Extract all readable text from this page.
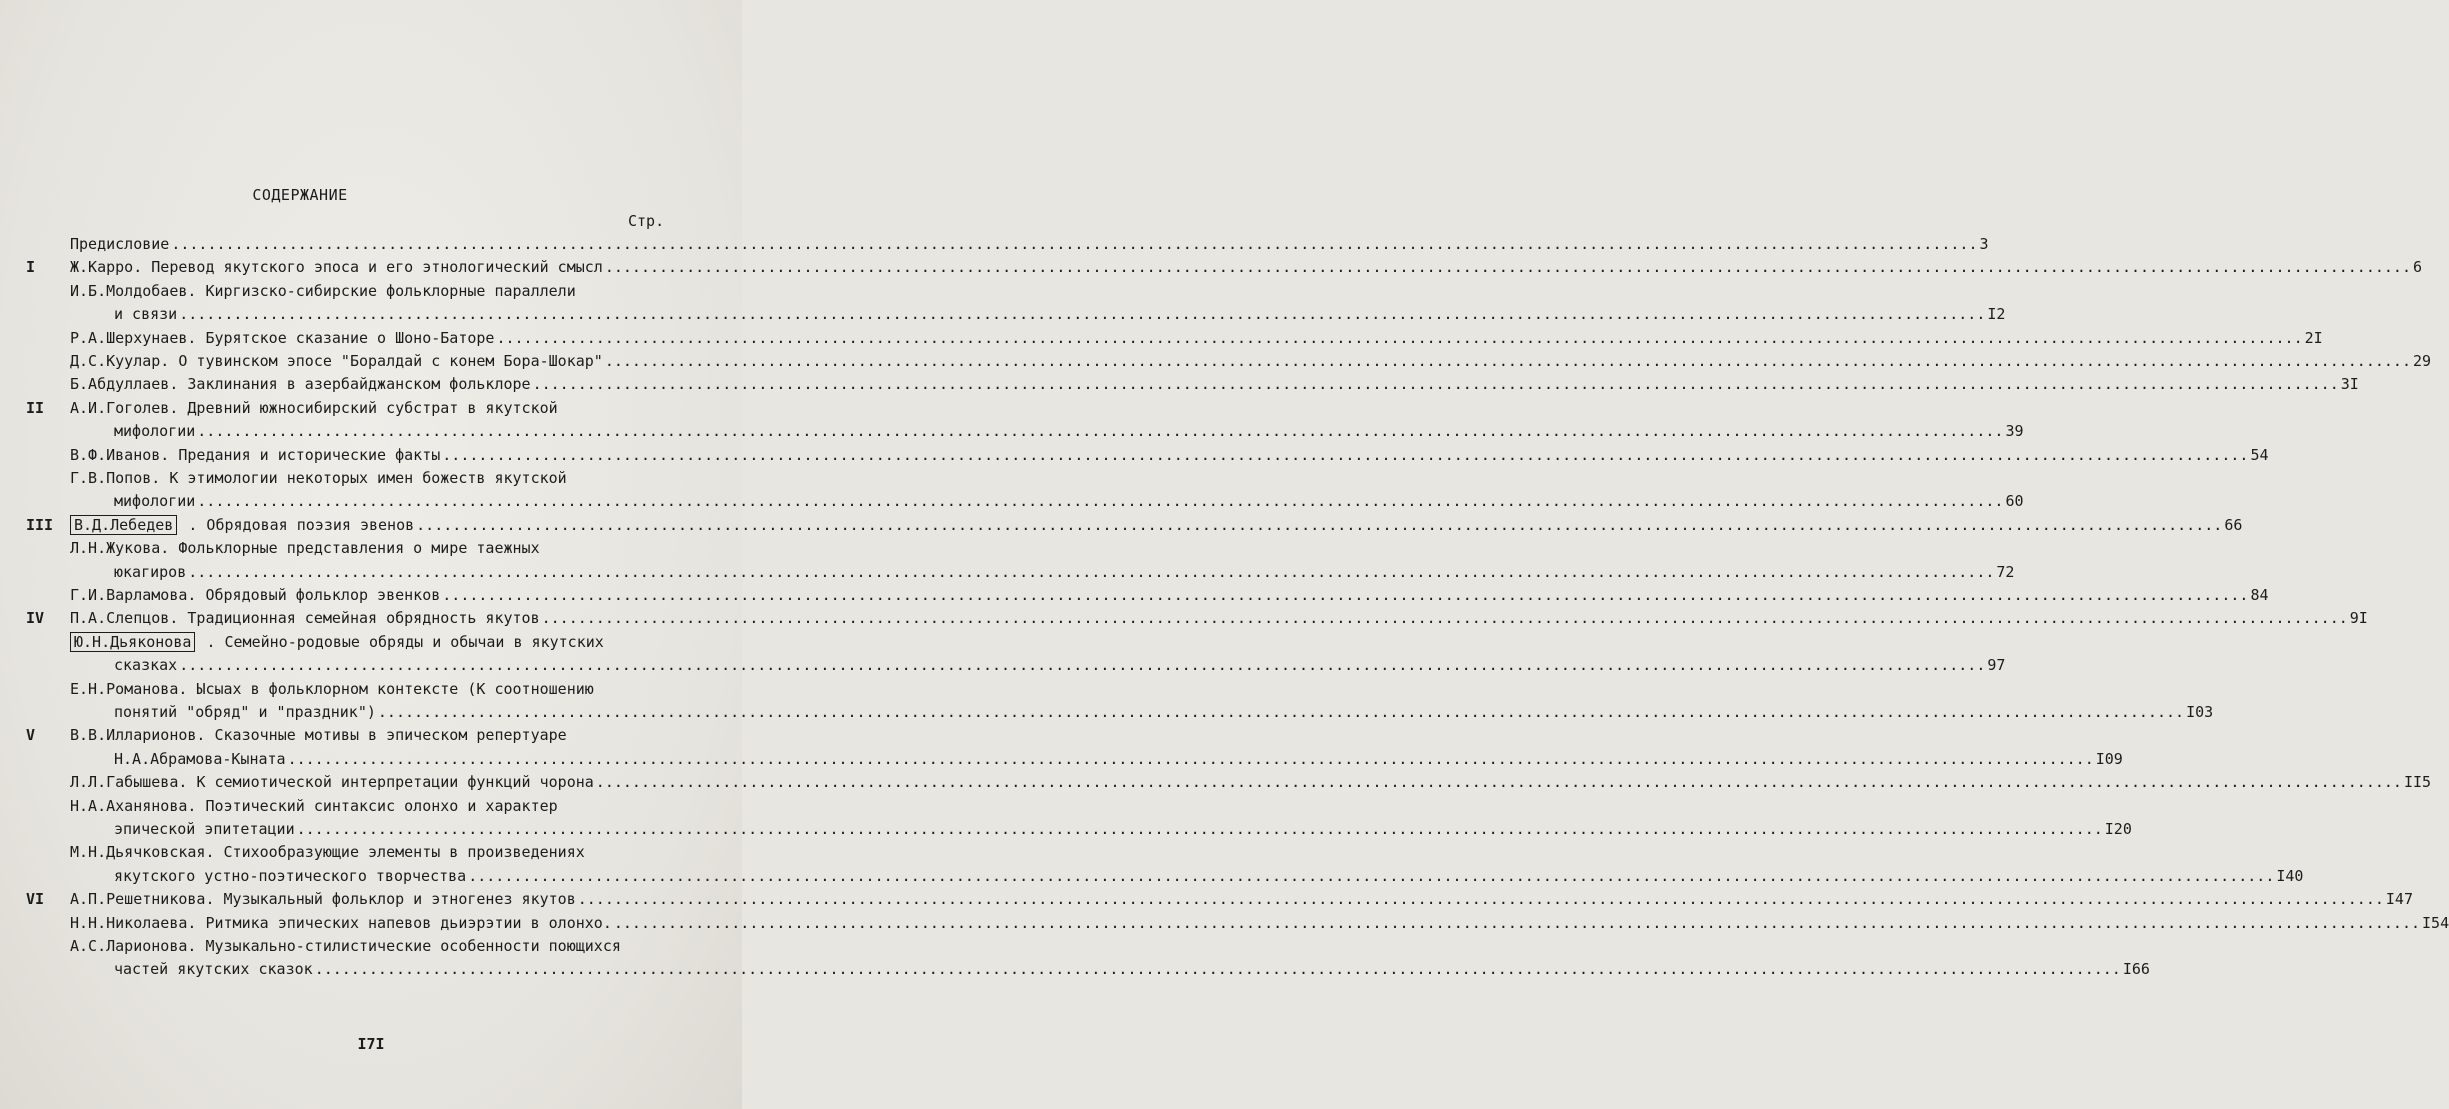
СОДЕРЖАНИЕ
Стр.
Предисловие ........................................................................................................................................................................................................ 3
I Ж.Карро. Перевод якутского эпоса и его этнологический смысл ........................................................................................................................................................................................................ 6
И.Б.Молдобаев. Киргизско-сибирские фольклорные параллели
и связи ........................................................................................................................................................................................................ I2
Р.А.Шерхунаев. Бурятское сказание о Шоно-Баторе ........................................................................................................................................................................................................ 2I
Д.С.Куулар. О тувинском эпосе "Боралдай с конем Бора-Шокар" ........................................................................................................................................................................................................ 29
Б.Абдуллаев. Заклинания в азербайджанском фольклоре ........................................................................................................................................................................................................ 3I
II А.И.Гоголев. Древний южносибирский субстрат в якутской
мифологии ........................................................................................................................................................................................................ 39
В.Ф.Иванов. Предания и исторические факты ........................................................................................................................................................................................................ 54
Г.В.Попов. К этимологии некоторых имен божеств якутской
мифологии ........................................................................................................................................................................................................ 60
III В.Д.Лебедев . Обрядовая поэзия эвенов ........................................................................................................................................................................................................ 66
Л.Н.Жукова. Фольклорные представления о мире таежных
юкагиров ........................................................................................................................................................................................................ 72
Г.И.Варламова. Обрядовый фольклор эвенков ........................................................................................................................................................................................................ 84
IV П.А.Слепцов. Традиционная семейная обрядность якутов ........................................................................................................................................................................................................ 9I
Ю.Н.Дьяконова . Семейно-родовые обряды и обычаи в якутских
сказках ........................................................................................................................................................................................................ 97
Е.Н.Романова. Ысыах в фольклорном контексте (К соотношению
понятий "обряд" и "праздник") ........................................................................................................................................................................................................ I03
V В.В.Илларионов. Сказочные мотивы в эпическом репертуаре
Н.А.Абрамова-Кыната ........................................................................................................................................................................................................ I09
Л.Л.Габышева. К семиотической интерпретации функций чорона ........................................................................................................................................................................................................ II5
Н.А.Аханянова. Поэтический синтаксис олонхо и характер
эпической эпитетации ........................................................................................................................................................................................................ I20
М.Н.Дьячковская. Стихообразующие элементы в произведениях
якутского устно-поэтического творчества ........................................................................................................................................................................................................ I40
VI А.П.Решетникова. Музыкальный фольклор и этногенез якутов ........................................................................................................................................................................................................ I47
Н.Н.Николаева. Ритмика эпических напевов дьиэрэтии в олонхо. ........................................................................................................................................................................................................ I54
А.С.Ларионова. Музыкально-стилистические особенности поющихся
частей якутских сказок ........................................................................................................................................................................................................ I66
I7I
